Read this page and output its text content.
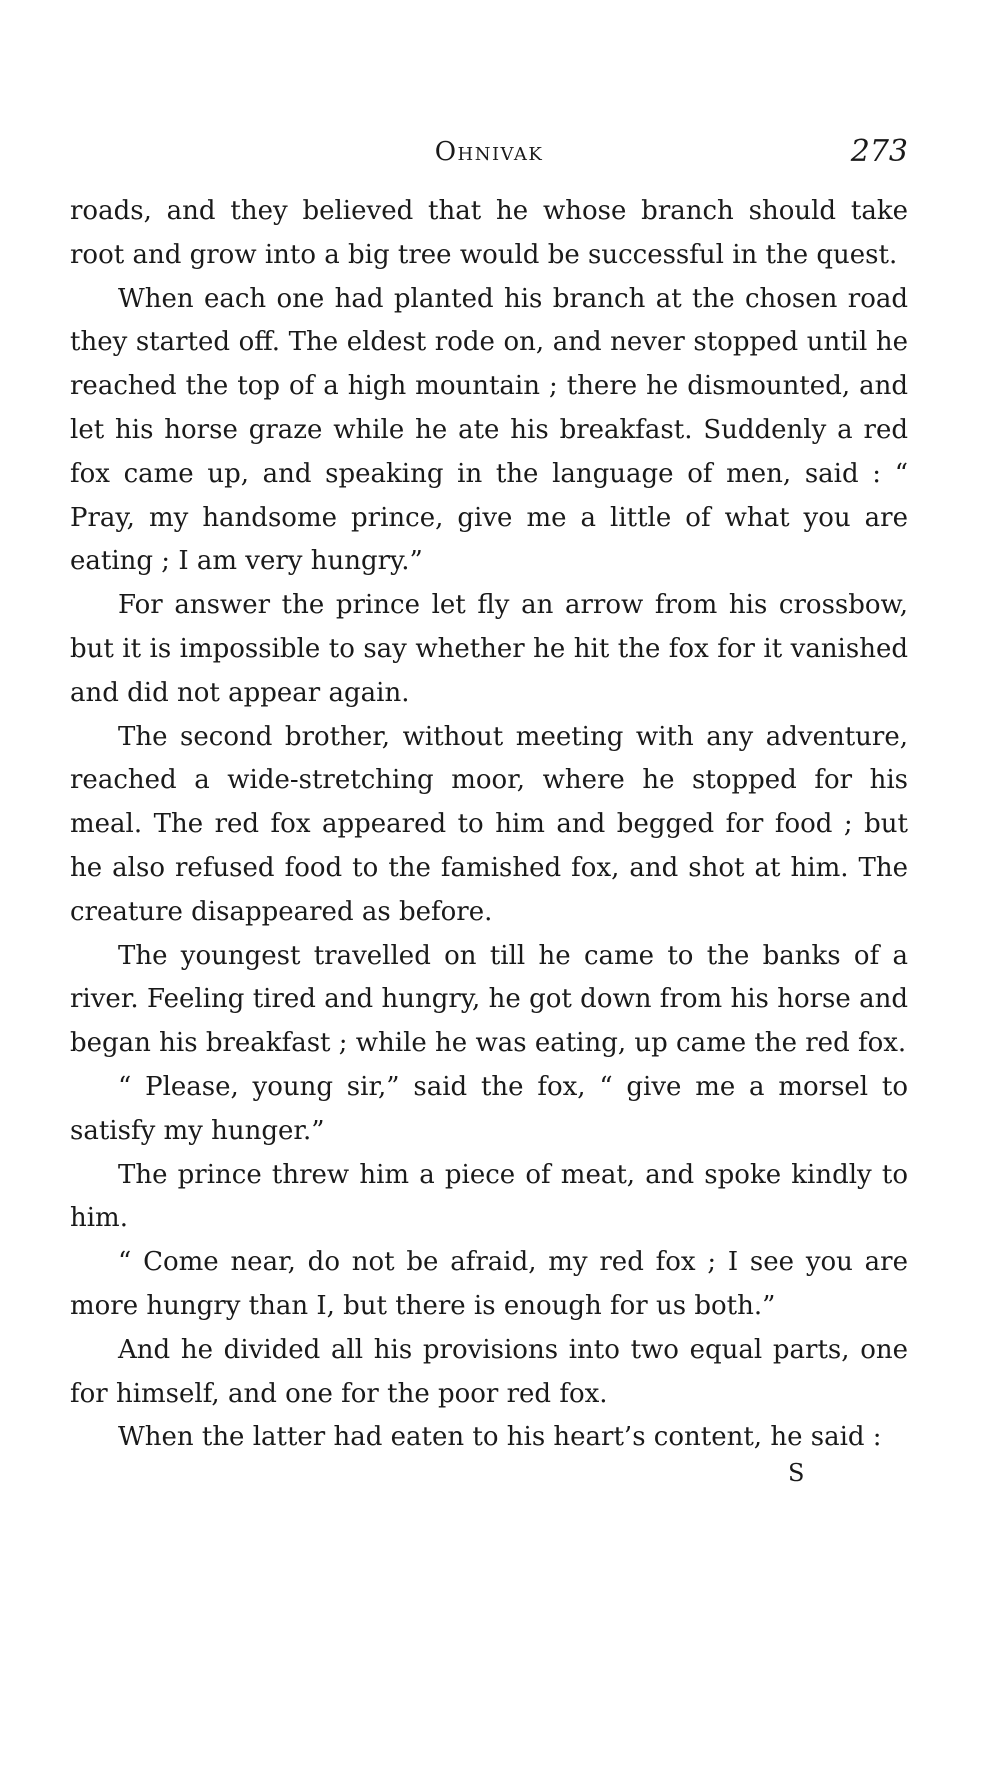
Ohnivak	273

roads, and they believed that he whose branch should take root and grow into a big tree would be successful in the quest.

When each one had planted his branch at the chosen road they started off. The eldest rode on, and never stopped until he reached the top of a high mountain ; there he dismounted, and let his horse graze while he ate his breakfast. Suddenly a red fox came up, and speaking in the language of men, said : “ Pray, my handsome prince, give me a little of what you are eating ; I am very hungry.”

For answer the prince let fly an arrow from his crossbow, but it is impossible to say whether he hit the fox for it vanished and did not appear again.

The second brother, without meeting with any adventure, reached a wide-stretching moor, where he stopped for his meal. The red fox appeared to him and begged for food ; but he also refused food to the famished fox, and shot at him. The creature disappeared as before.

The youngest travelled on till he came to the banks of a river. Feeling tired and hungry, he got down from his horse and began his breakfast ; while he was eating, up came the red fox.

“ Please, young sir,” said the fox, “ give me a morsel to satisfy my hunger.”

The prince threw him a piece of meat, and spoke kindly to him.

“ Come near, do not be afraid, my red fox ; I see you are more hungry than I, but there is enough for us both.”

And he divided all his provisions into two equal parts, one for himself, and one for the poor red fox.

When the latter had eaten to his heart’s content, he said :

S
